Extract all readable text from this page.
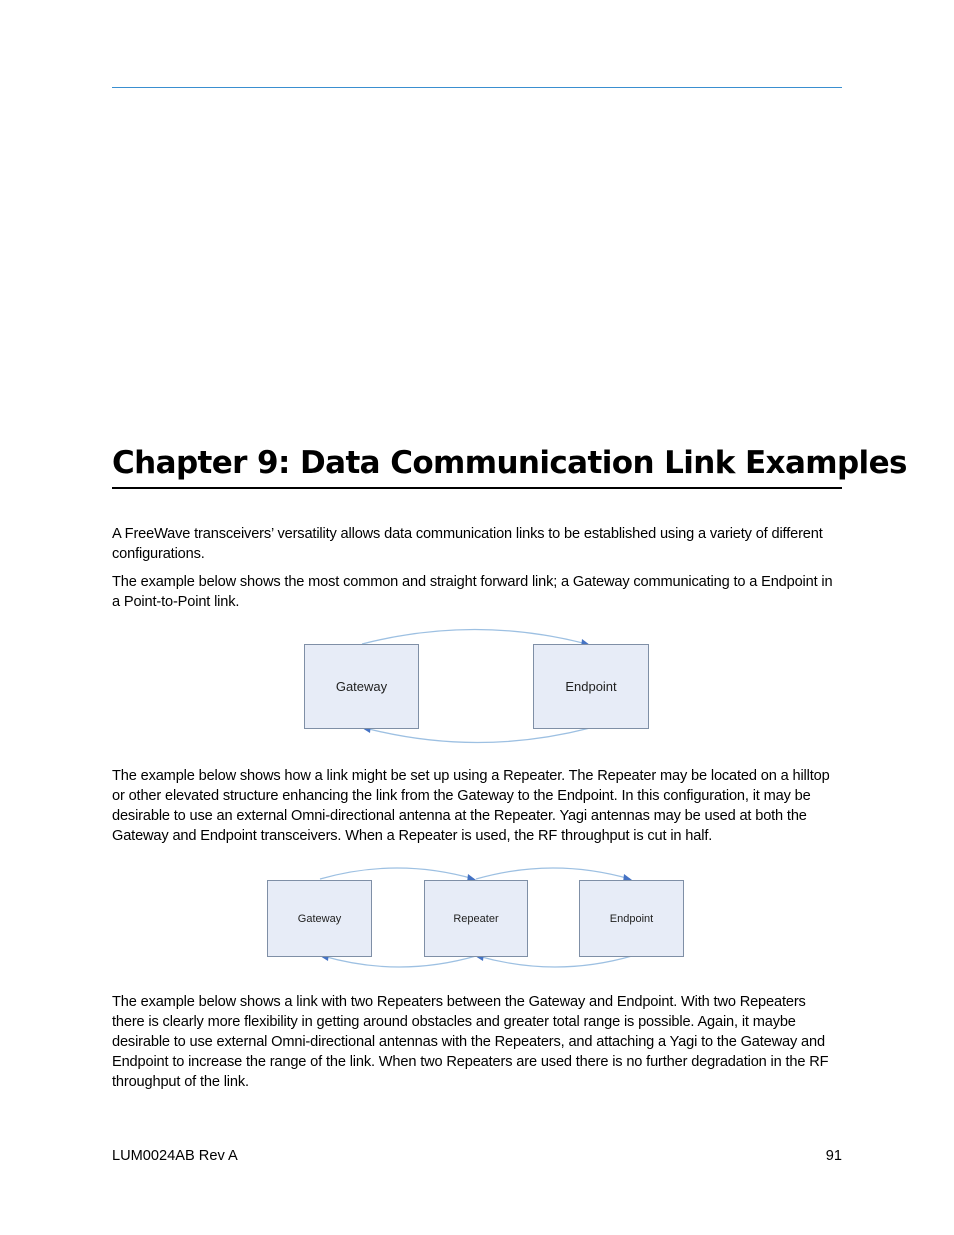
Chapter 9: Data Communication Link Examples

A FreeWave transceivers’ versatility allows data communication links to be established using a variety of different configurations.

The example below shows the most common and straight forward link; a Gateway communicating to a Endpoint in a Point-to-Point link.

Gateway	Endpoint

The example below shows how a link might be set up using a Repeater. The Repeater may be located on a hilltop or other elevated structure enhancing the link from the Gateway to the Endpoint. In this configuration, it may be desirable to use an external Omni-directional antenna at the Repeater. Yagi antennas may be used at both the Gateway and Endpoint transceivers. When a Repeater is used, the RF throughput is cut in half.

Gateway	Repeater	Endpoint

The example below shows a link with two Repeaters between the Gateway and Endpoint. With two Repeaters there is clearly more flexibility in getting around obstacles and greater total range is possible. Again, it maybe desirable to use external Omni-directional antennas with the Repeaters, and attaching a Yagi to the Gateway and Endpoint to increase the range of the link. When two Repeaters are used there is no further degradation in the RF throughput of the link.

LUM0024AB Rev A	91
